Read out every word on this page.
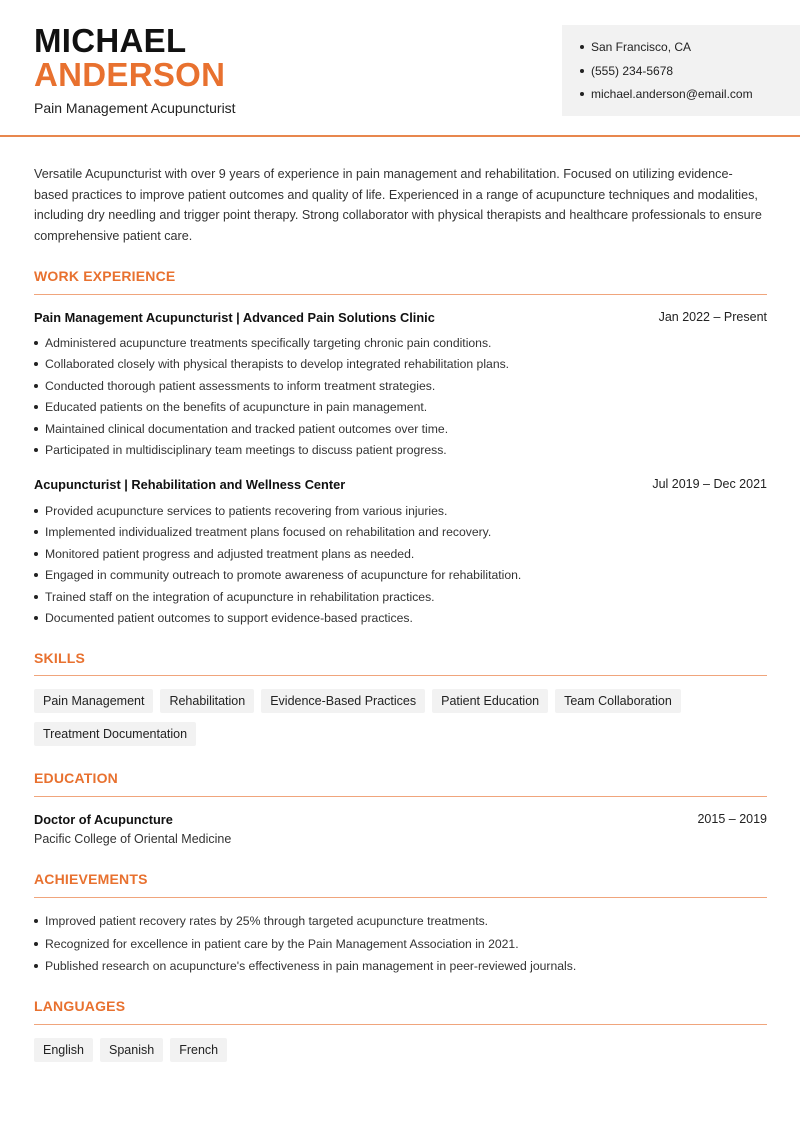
MICHAEL
ANDERSON
Pain Management Acupuncturist
San Francisco, CA
(555) 234-5678
michael.anderson@email.com
Versatile Acupuncturist with over 9 years of experience in pain management and rehabilitation. Focused on utilizing evidence-based practices to improve patient outcomes and quality of life. Experienced in a range of acupuncture techniques and modalities, including dry needling and trigger point therapy. Strong collaborator with physical therapists and healthcare professionals to ensure comprehensive patient care.
WORK EXPERIENCE
Pain Management Acupuncturist | Advanced Pain Solutions Clinic	Jan 2022 – Present
Administered acupuncture treatments specifically targeting chronic pain conditions.
Collaborated closely with physical therapists to develop integrated rehabilitation plans.
Conducted thorough patient assessments to inform treatment strategies.
Educated patients on the benefits of acupuncture in pain management.
Maintained clinical documentation and tracked patient outcomes over time.
Participated in multidisciplinary team meetings to discuss patient progress.
Acupuncturist | Rehabilitation and Wellness Center	Jul 2019 – Dec 2021
Provided acupuncture services to patients recovering from various injuries.
Implemented individualized treatment plans focused on rehabilitation and recovery.
Monitored patient progress and adjusted treatment plans as needed.
Engaged in community outreach to promote awareness of acupuncture for rehabilitation.
Trained staff on the integration of acupuncture in rehabilitation practices.
Documented patient outcomes to support evidence-based practices.
SKILLS
Pain Management	Rehabilitation	Evidence-Based Practices	Patient Education	Team Collaboration
Treatment Documentation
EDUCATION
Doctor of Acupuncture	2015 – 2019
Pacific College of Oriental Medicine
ACHIEVEMENTS
Improved patient recovery rates by 25% through targeted acupuncture treatments.
Recognized for excellence in patient care by the Pain Management Association in 2021.
Published research on acupuncture's effectiveness in pain management in peer-reviewed journals.
LANGUAGES
English	Spanish	French
